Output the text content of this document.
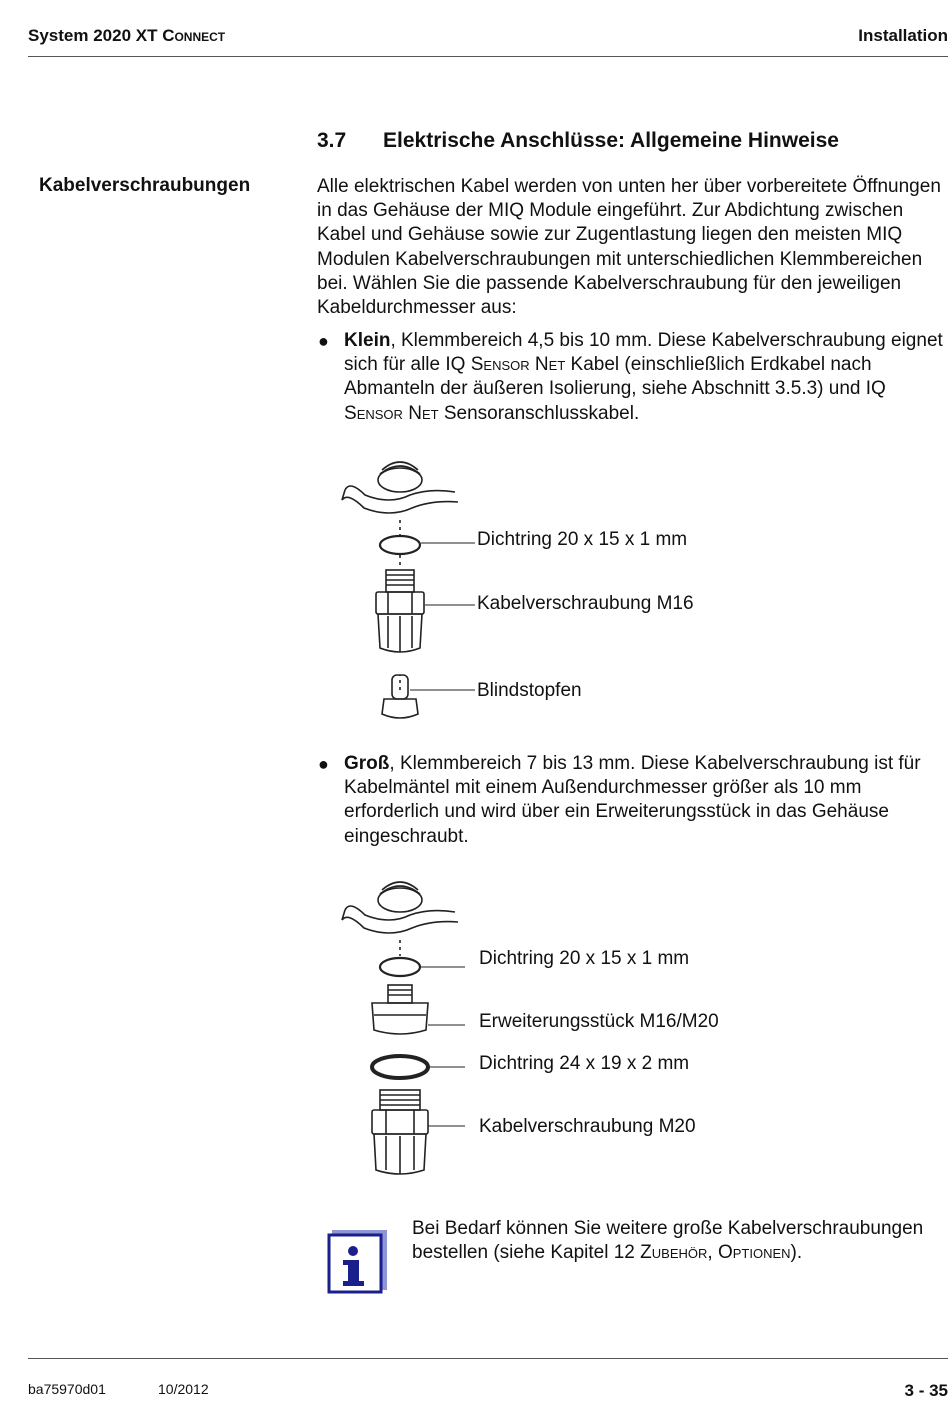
System 2020 XT Connect	Installation
3.7 Elektrische Anschlüsse: Allgemeine Hinweise
Kabelverschraubungen	Alle elektrischen Kabel werden von unten her über vorbereitete Öffnungen in das Gehäuse der MIQ Module eingeführt. Zur Abdichtung zwischen Kabel und Gehäuse sowie zur Zugentlastung liegen den meisten MIQ Modulen Kabelverschraubungen mit unterschiedlichen Klemmbereichen bei. Wählen Sie die passende Kabelverschraubung für den jeweiligen Kabeldurchmesser aus:
● Klein, Klemmbereich 4,5 bis 10 mm. Diese Kabelverschraubung eignet sich für alle IQ Sensor Net Kabel (einschließlich Erdkabel nach Abmanteln der äußeren Isolierung, siehe Abschnitt 3.5.3) und IQ Sensor Net Sensoranschlusskabel.
Dichtring 20 x 15 x 1 mm
Kabelverschraubung M16
Blindstopfen
● Groß, Klemmbereich 7 bis 13 mm. Diese Kabelverschraubung ist für Kabelmäntel mit einem Außendurchmesser größer als 10 mm erforderlich und wird über ein Erweiterungsstück in das Gehäuse eingeschraubt.
Dichtring 20 x 15 x 1 mm
Erweiterungsstück M16/M20
Dichtring 24 x 19 x 2 mm
Kabelverschraubung M20
Bei Bedarf können Sie weitere große Kabelverschraubungen bestellen (siehe Kapitel 12 Zubehör, Optionen).
ba75970d01	10/2012	3 - 35
